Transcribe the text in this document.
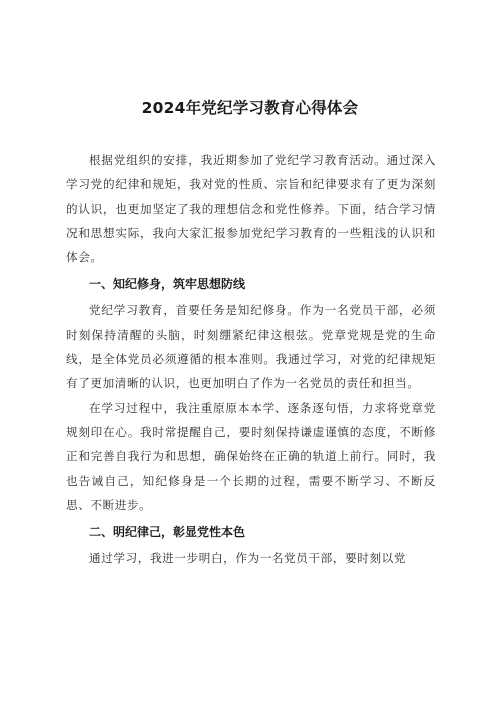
2024年党纪学习教育心得体会

根据党组织的安排，我近期参加了党纪学习教育活动。通过深入学习党的纪律和规矩，我对党的性质、宗旨和纪律要求有了更为深刻的认识，也更加坚定了我的理想信念和党性修养。下面，结合学习情况和思想实际，我向大家汇报参加党纪学习教育的一些粗浅的认识和体会。

一、知纪修身，筑牢思想防线

党纪学习教育，首要任务是知纪修身。作为一名党员干部，必须时刻保持清醒的头脑，时刻绷紧纪律这根弦。党章党规是党的生命线，是全体党员必须遵循的根本准则。我通过学习，对党的纪律规矩有了更加清晰的认识，也更加明白了作为一名党员的责任和担当。

在学习过程中，我注重原原本本学、逐条逐句悟，力求将党章党规刻印在心。我时常提醒自己，要时刻保持谦虚谨慎的态度，不断修正和完善自我行为和思想，确保始终在正确的轨道上前行。同时，我也告诫自己，知纪修身是一个长期的过程，需要不断学习、不断反思、不断进步。

二、明纪律己，彰显党性本色

通过学习，我进一步明白，作为一名党员干部，要时刻以党
